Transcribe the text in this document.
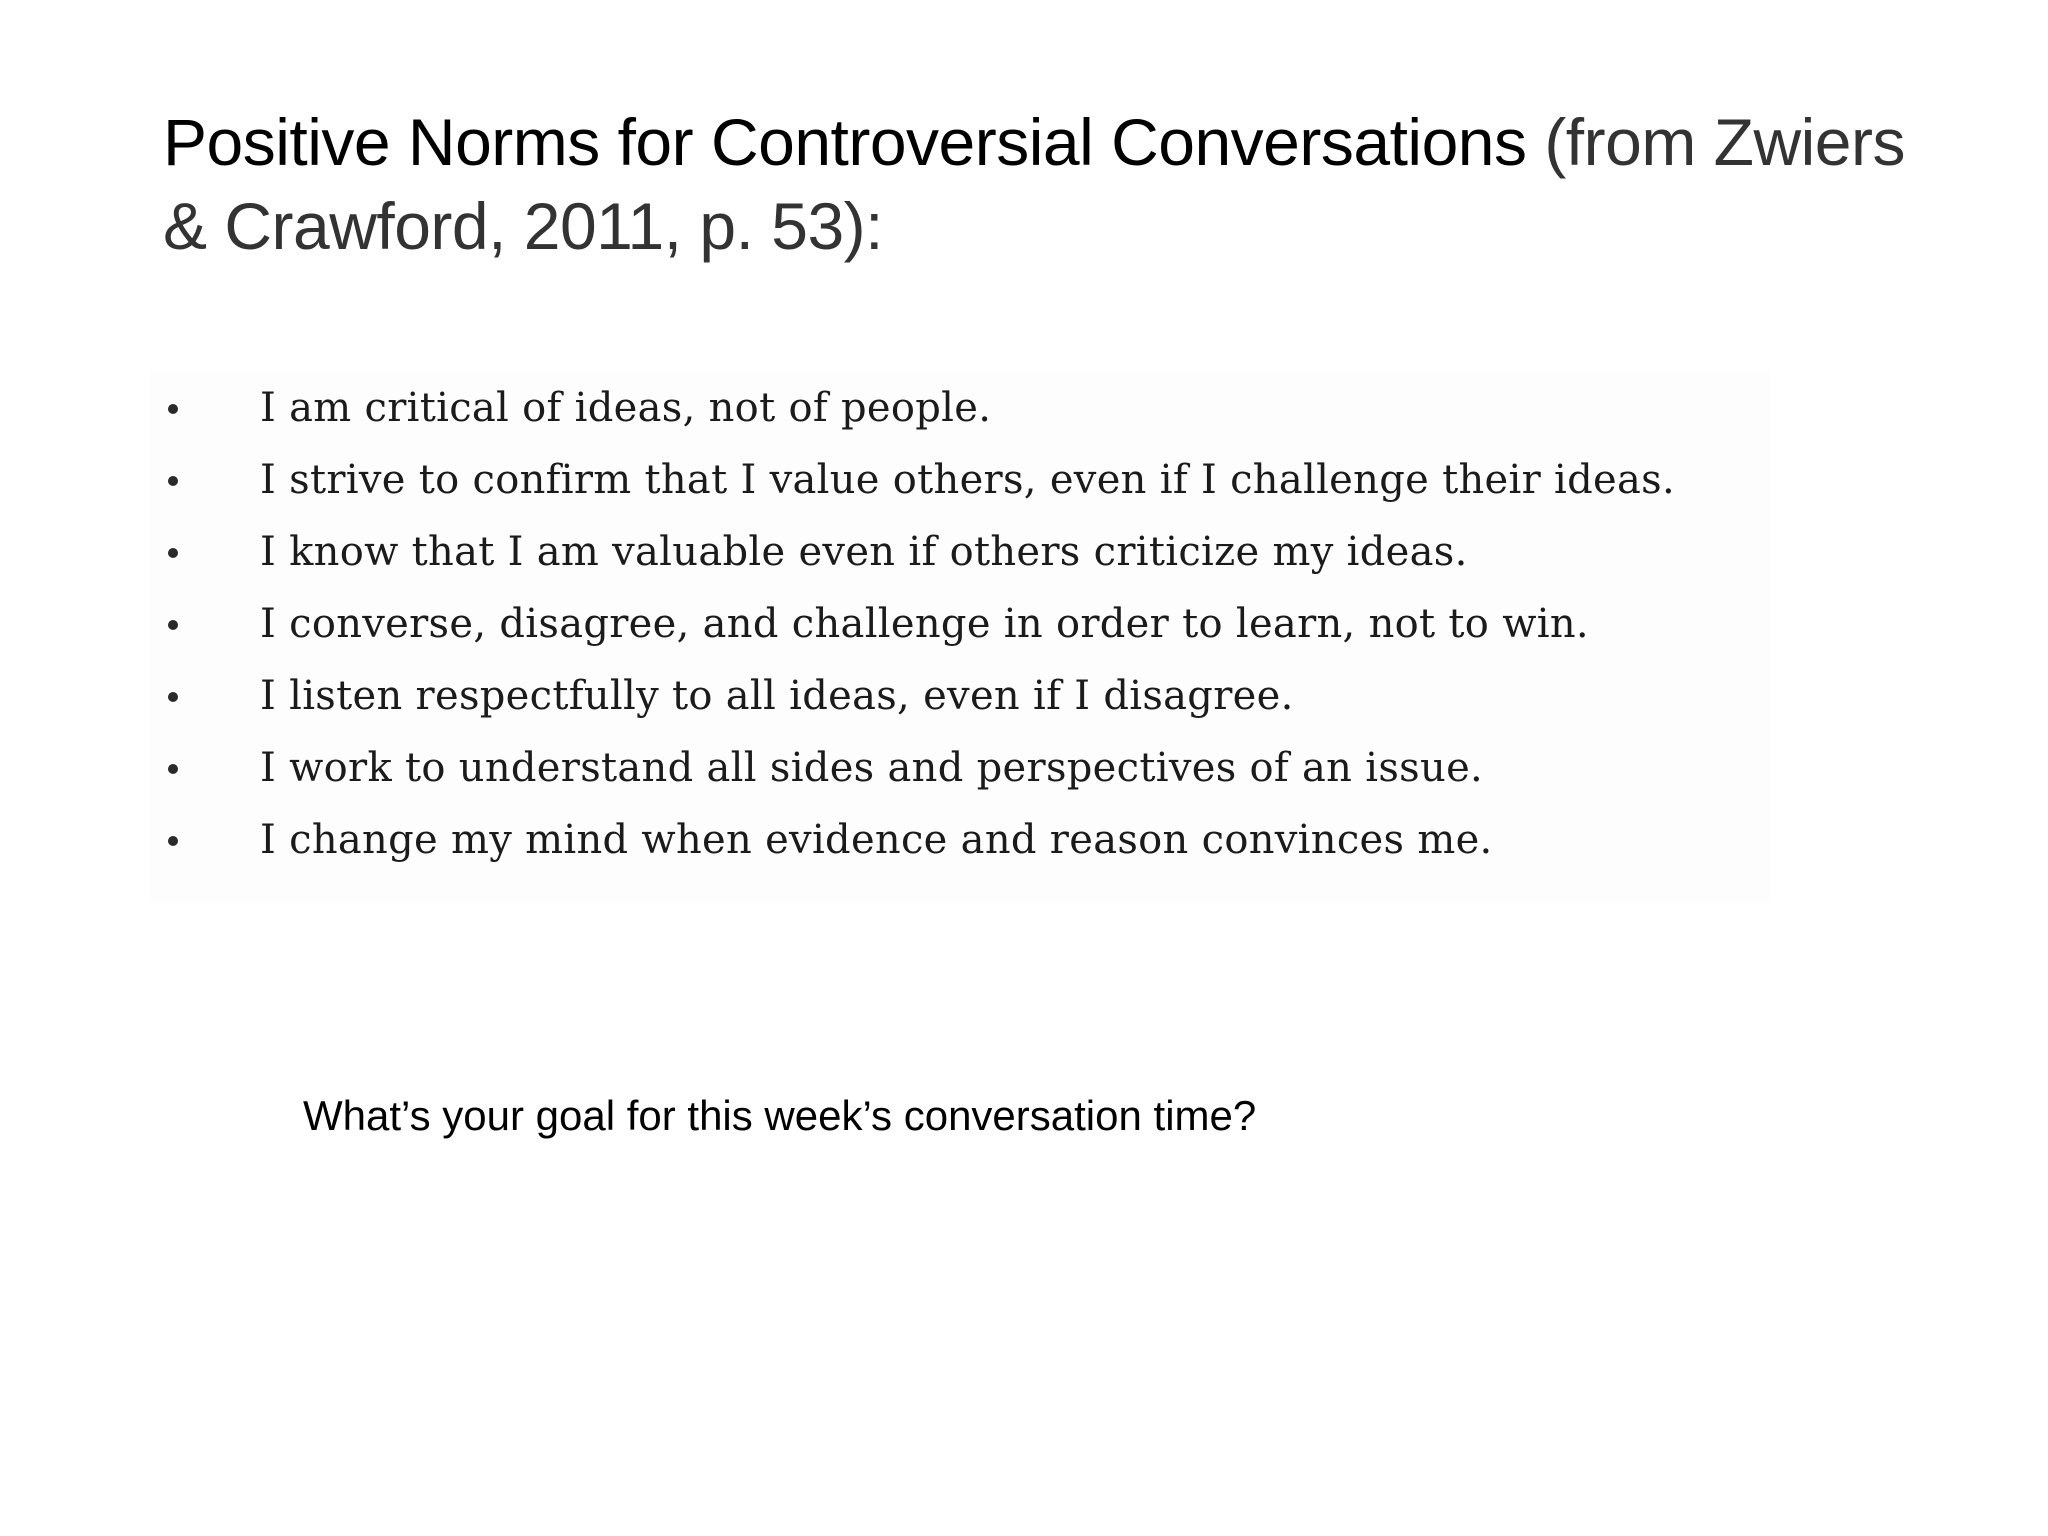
Positive Norms for Controversial Conversations (from Zwiers & Crawford, 2011, p. 53):
I am critical of ideas, not of people.
I strive to confirm that I value others, even if I challenge their ideas.
I know that I am valuable even if others criticize my ideas.
I converse, disagree, and challenge in order to learn, not to win.
I listen respectfully to all ideas, even if I disagree.
I work to understand all sides and perspectives of an issue.
I change my mind when evidence and reason convinces me.

What’s your goal for this week’s conversation time?
